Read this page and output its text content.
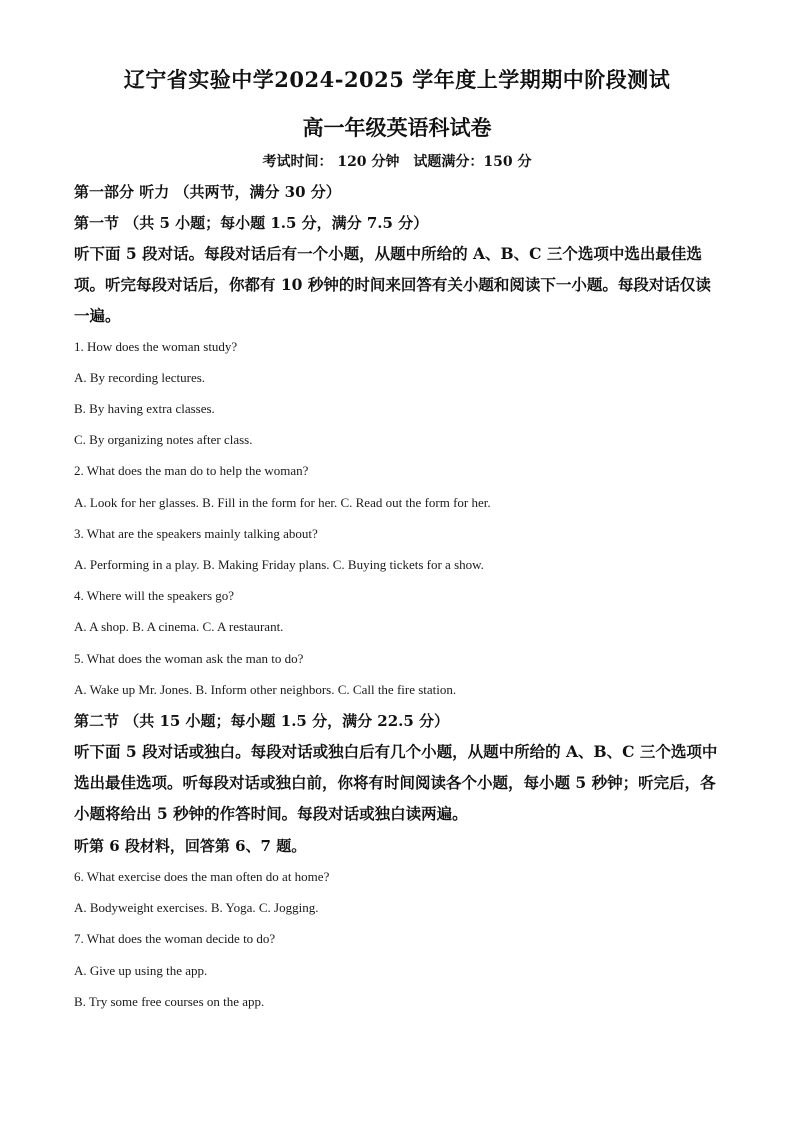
辽宁省实验中学2024-2025 学年度上学期期中阶段测试
高一年级英语科试卷
考试时间： 120 分钟　试题满分：150 分
第一部分 听力 （共两节，满分 30 分）
第一节 （共 5 小题；每小题 1.5 分，满分 7.5 分）
听下面 5 段对话。每段对话后有一个小题，从题中所给的 A、B、C 三个选项中选出最佳选项。听完每段对话后，你都有 10 秒钟的时间来回答有关小题和阅读下一小题。每段对话仅读一遍。
1. How does the woman study?
A. By recording lectures.
B. By having extra classes.
C. By organizing notes after class.
2. What does the man do to help the woman?
A. Look for her glasses. B. Fill in the form for her. C. Read out the form for her.
3. What are the speakers mainly talking about?
A. Performing in a play. B. Making Friday plans. C. Buying tickets for a show.
4. Where will the speakers go?
A. A shop. B. A cinema. C. A restaurant.
5. What does the woman ask the man to do?
A. Wake up Mr. Jones. B. Inform other neighbors. C. Call the fire station.
第二节 （共 15 小题；每小题 1.5 分，满分 22.5 分）
听下面 5 段对话或独白。每段对话或独白后有几个小题，从题中所给的 A、B、C 三个选项中选出最佳选项。听每段对话或独白前，你将有时间阅读各个小题，每小题 5 秒钟；听完后，各小题将给出 5 秒钟的作答时间。每段对话或独白读两遍。
听第 6 段材料，回答第 6、7 题。
6. What exercise does the man often do at home?
A. Bodyweight exercises. B. Yoga. C. Jogging.
7. What does the woman decide to do?
A. Give up using the app.
B. Try some free courses on the app.
